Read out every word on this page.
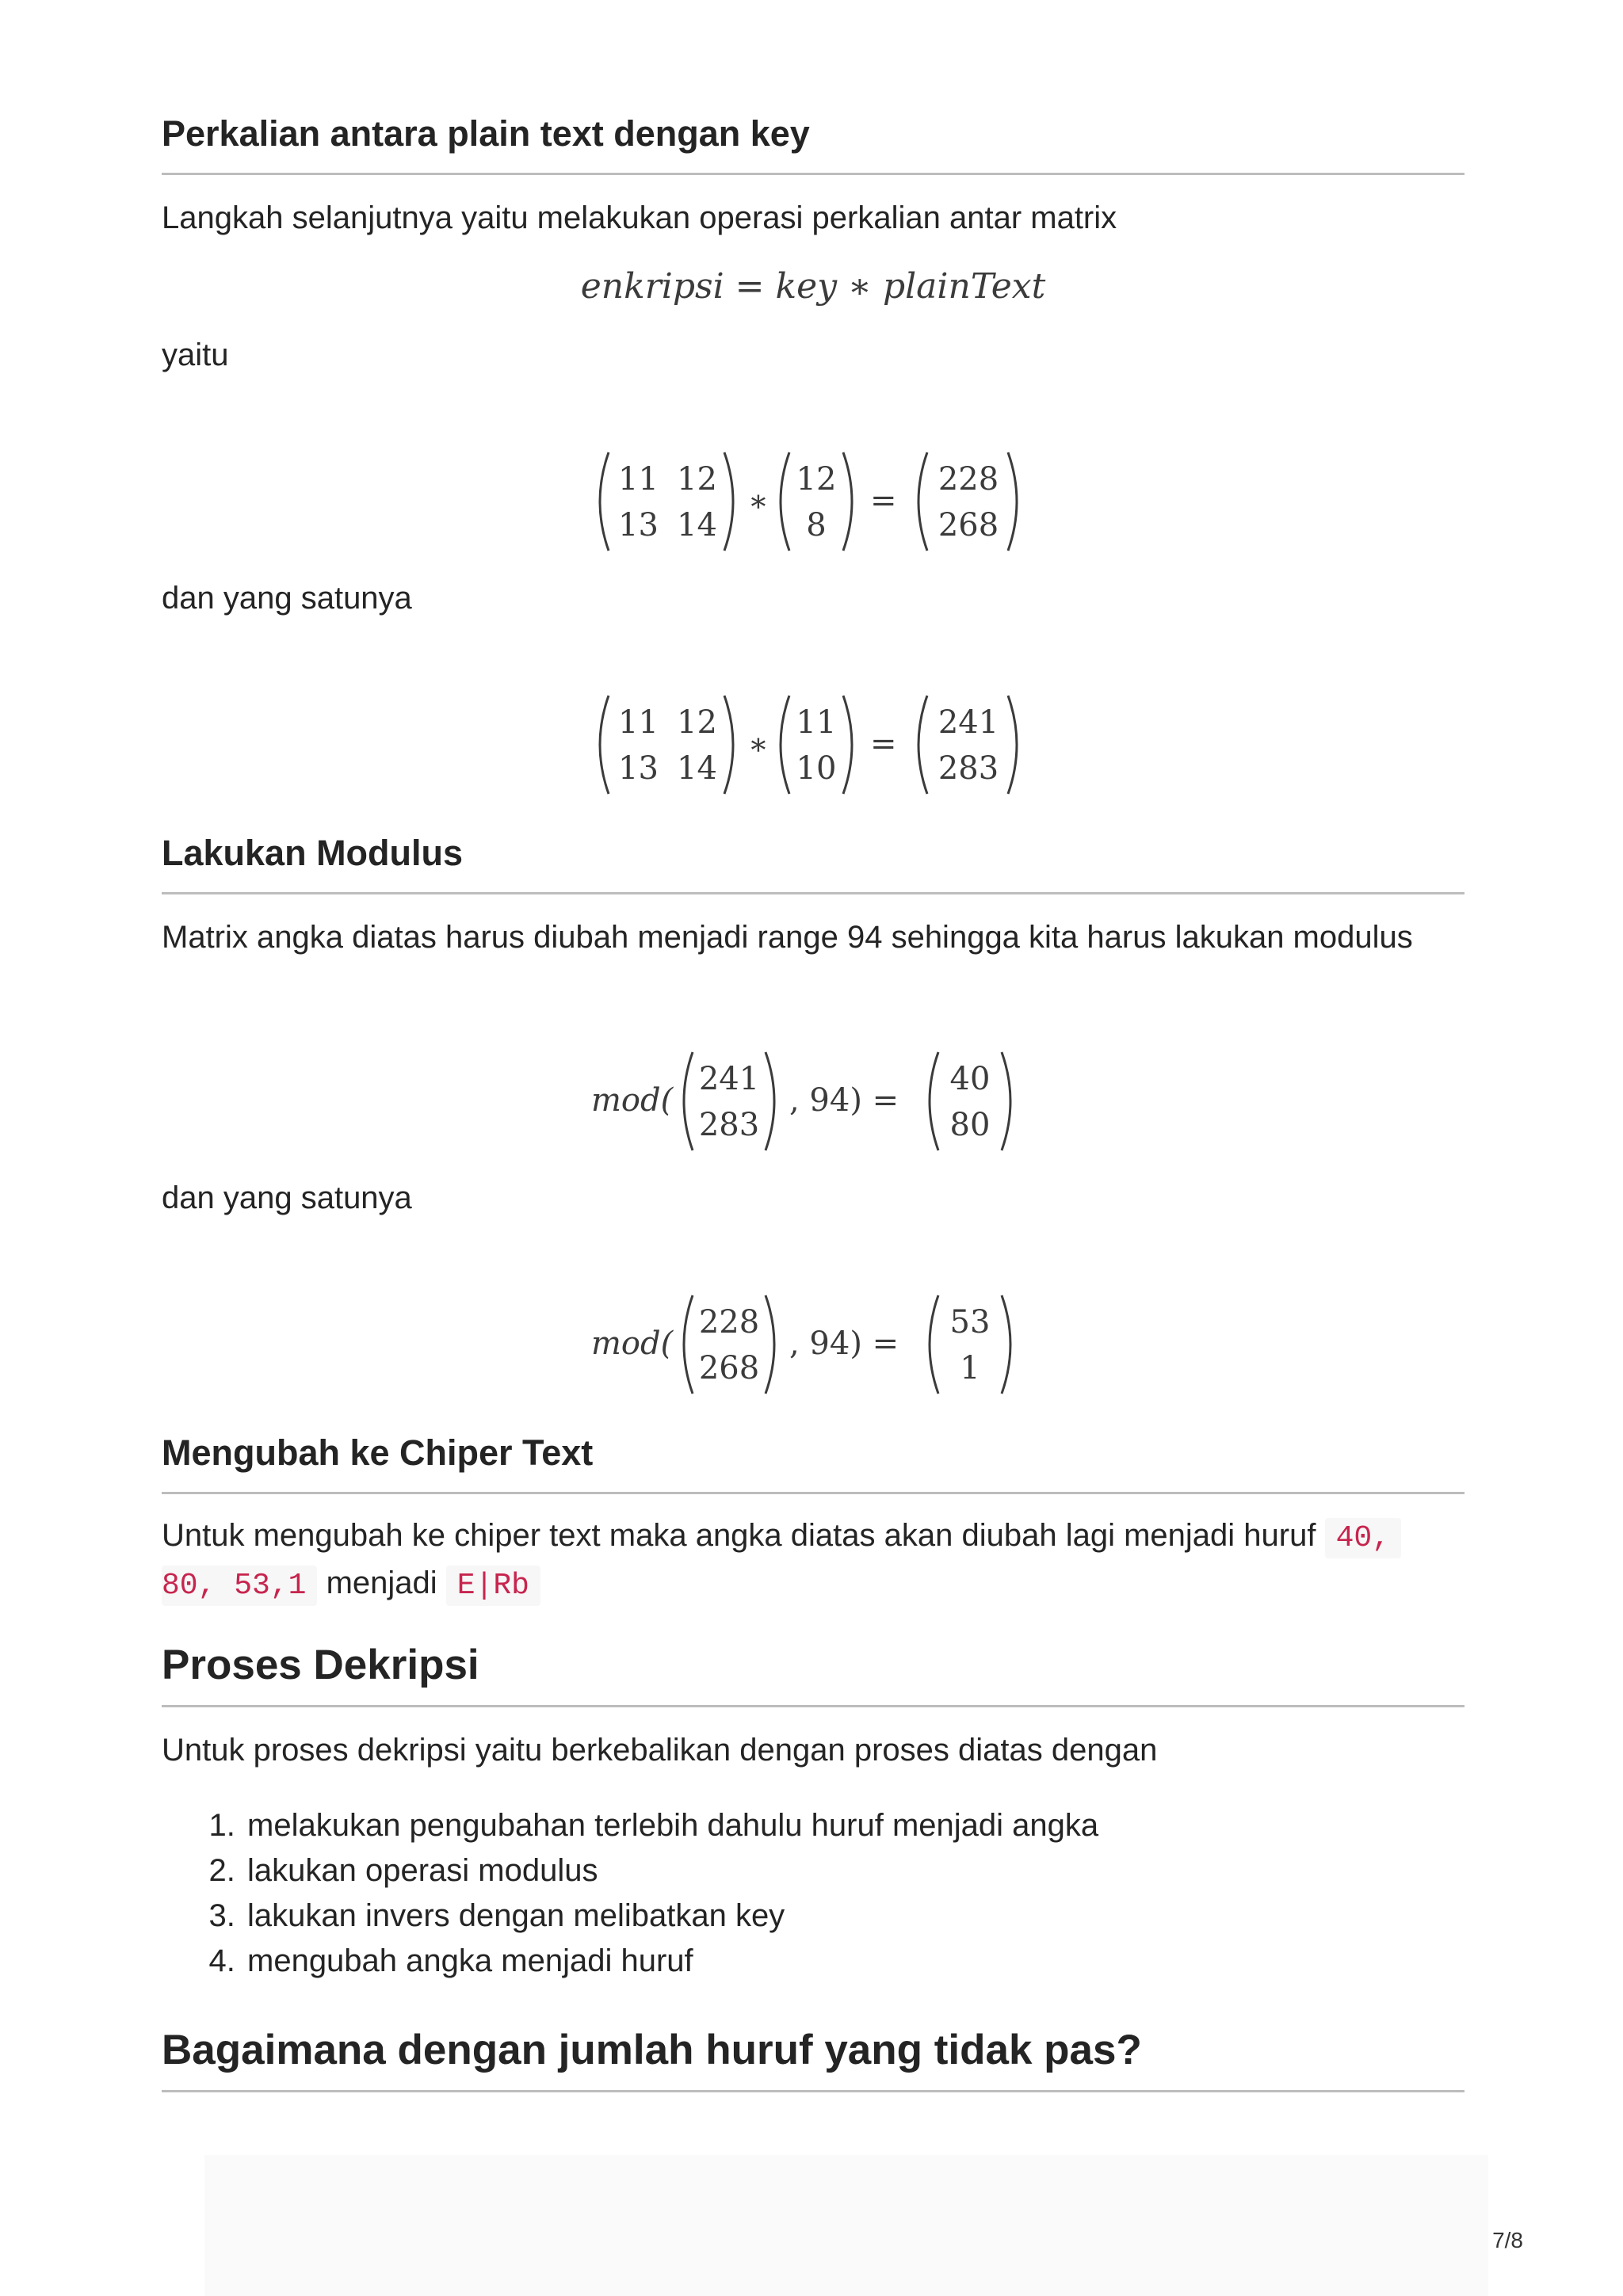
Perkalian antara plain text dengan key

Langkah selanjutnya yaitu melakukan operasi perkalian antar matrix

enkripsi = key ∗ plainText

yaitu

11 12
13 14
∗
12
8
=
228
268

dan yang satunya

11 12
13 14
∗
11
10
=
241
283
Lakukan Modulus

Matrix angka diatas harus diubah menjadi range 94 sehingga kita harus lakukan modulus

mod(
241
283
, 94) =
40
80

dan yang satunya

mod(
228
268
, 94) =
53
1
Mengubah ke Chiper Text

Untuk mengubah ke chiper text maka angka diatas akan diubah lagi menjadi huruf 40,
80, 53,1 menjadi E|Rb

Proses Dekripsi

Untuk proses dekripsi yaitu berkebalikan dengan proses diatas dengan

1. melakukan pengubahan terlebih dahulu huruf menjadi angka
2. lakukan operasi modulus
3. lakukan invers dengan melibatkan key
4. mengubah angka menjadi huruf
Bagaimana dengan jumlah huruf yang tidak pas?
7/8
